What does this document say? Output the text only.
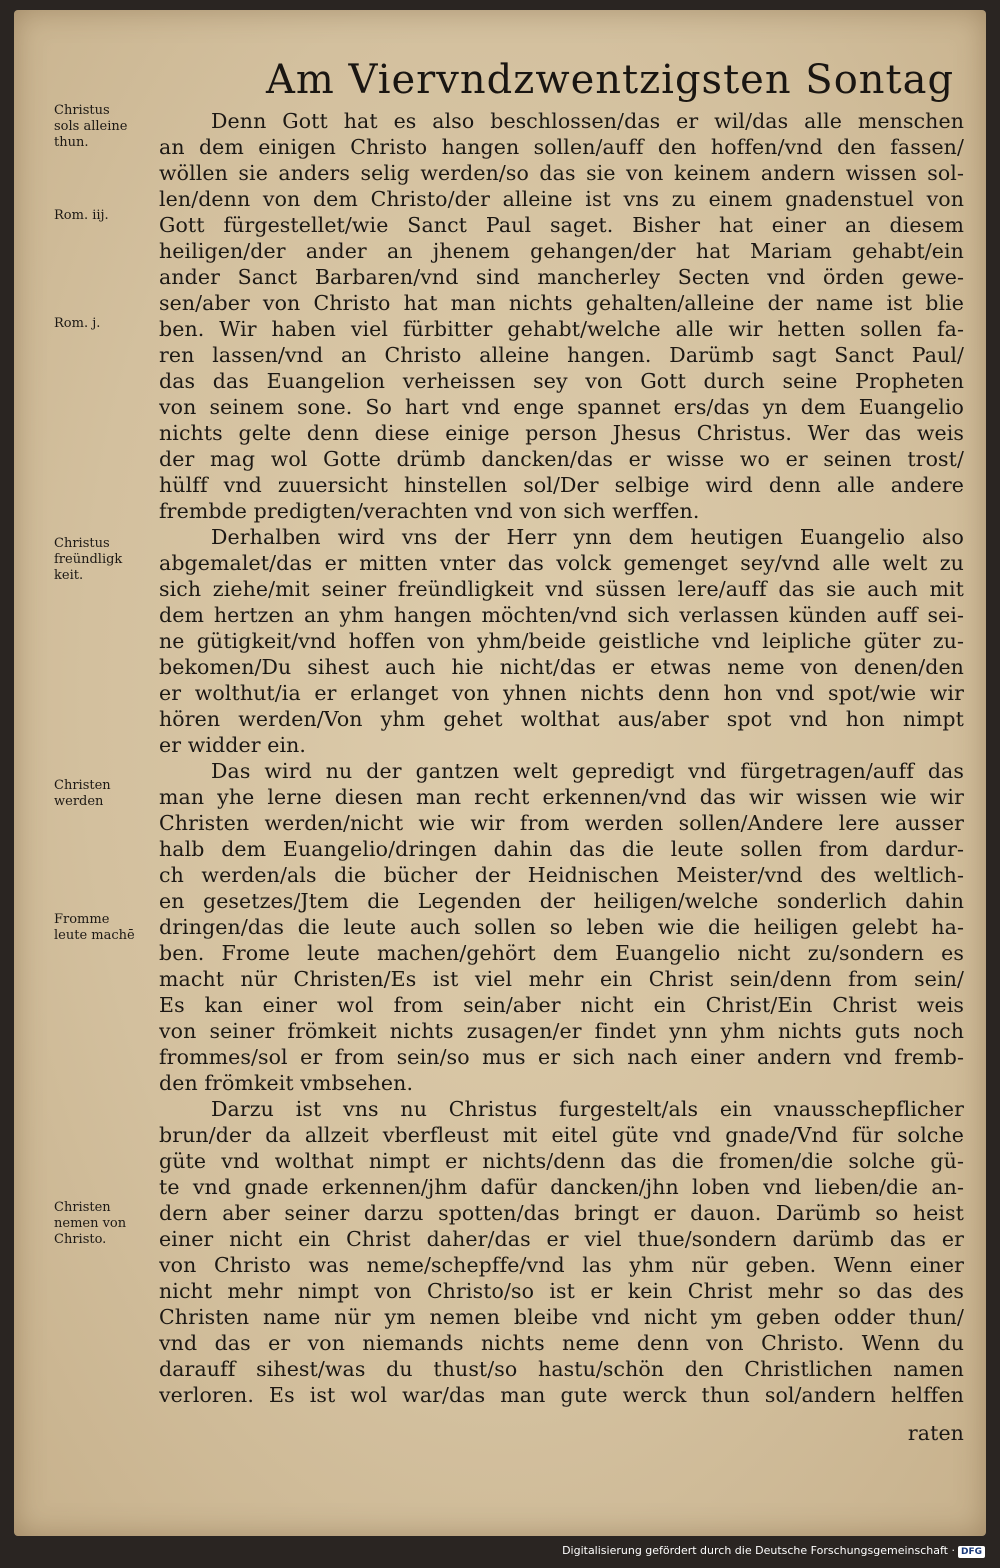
Am Viervndzwentzigsten Sontag
Christus
sols alleine
thun.
Rom. iij.
Rom. j.
Christus
freündligk
keit.
Christen
werden
Fromme
leute machē
Christen
nemen von
Christo.
Denn Gott hat es also beschlossen/das er wil/das alle menschen
an dem einigen Christo hangen sollen/auff den hoffen/vnd den fassen/
wöllen sie anders selig werden/so das sie von keinem andern wissen sol-
len/denn von dem Christo/der alleine ist vns zu einem gnadenstuel von
Gott fürgestellet/wie Sanct Paul saget. Bisher hat einer an diesem
heiligen/der ander an jhenem gehangen/der hat Mariam gehabt/ein
ander Sanct Barbaren/vnd sind mancherley Secten vnd örden gewe-
sen/aber von Christo hat man nichts gehalten/alleine der name ist blie
ben. Wir haben viel fürbitter gehabt/welche alle wir hetten sollen fa-
ren lassen/vnd an Christo alleine hangen. Darümb sagt Sanct Paul/
das das Euangelion verheissen sey von Gott durch seine Propheten
von seinem sone. So hart vnd enge spannet ers/das yn dem Euangelio
nichts gelte denn diese einige person Jhesus Christus. Wer das weis
der mag wol Gotte drümb dancken/das er wisse wo er seinen trost/
hülff vnd zuuersicht hinstellen sol/Der selbige wird denn alle andere
frembde predigten/verachten vnd von sich werffen.
Derhalben wird vns der Herr ynn dem heutigen Euangelio also
abgemalet/das er mitten vnter das volck gemenget sey/vnd alle welt zu
sich ziehe/mit seiner freündligkeit vnd süssen lere/auff das sie auch mit
dem hertzen an yhm hangen möchten/vnd sich verlassen künden auff sei-
ne gütigkeit/vnd hoffen von yhm/beide geistliche vnd leipliche güter zu-
bekomen/Du sihest auch hie nicht/das er etwas neme von denen/den
er wolthut/ia er erlanget von yhnen nichts denn hon vnd spot/wie wir
hören werden/Von yhm gehet wolthat aus/aber spot vnd hon nimpt
er widder ein.
Das wird nu der gantzen welt gepredigt vnd fürgetragen/auff das
man yhe lerne diesen man recht erkennen/vnd das wir wissen wie wir
Christen werden/nicht wie wir from werden sollen/Andere lere ausser
halb dem Euangelio/dringen dahin das die leute sollen from dardur-
ch werden/als die bücher der Heidnischen Meister/vnd des weltlich-
en gesetzes/Jtem die Legenden der heiligen/welche sonderlich dahin
dringen/das die leute auch sollen so leben wie die heiligen gelebt ha-
ben. Frome leute machen/gehört dem Euangelio nicht zu/sondern es
macht nür Christen/Es ist viel mehr ein Christ sein/denn from sein/
Es kan einer wol from sein/aber nicht ein Christ/Ein Christ weis
von seiner frömkeit nichts zusagen/er findet ynn yhm nichts guts noch
frommes/sol er from sein/so mus er sich nach einer andern vnd fremb-
den frömkeit vmbsehen.
Darzu ist vns nu Christus furgestelt/als ein vnausschepflicher
brun/der da allzeit vberfleust mit eitel güte vnd gnade/Vnd für solche
güte vnd wolthat nimpt er nichts/denn das die fromen/die solche gü-
te vnd gnade erkennen/jhm dafür dancken/jhn loben vnd lieben/die an-
dern aber seiner darzu spotten/das bringt er dauon. Darümb so heist
einer nicht ein Christ daher/das er viel thue/sondern darümb das er
von Christo was neme/schepffe/vnd las yhm nür geben. Wenn einer
nicht mehr nimpt von Christo/so ist er kein Christ mehr so das des
Christen name nür ym nemen bleibe vnd nicht ym geben odder thun/
vnd das er von niemands nichts neme denn von Christo. Wenn du
darauff sihest/was du thust/so hastu/schön den Christlichen namen
verloren. Es ist wol war/das man gute werck thun sol/andern helffen
raten
Digitalisierung gefördert durch die Deutsche Forschungsgemeinschaft · DFG
